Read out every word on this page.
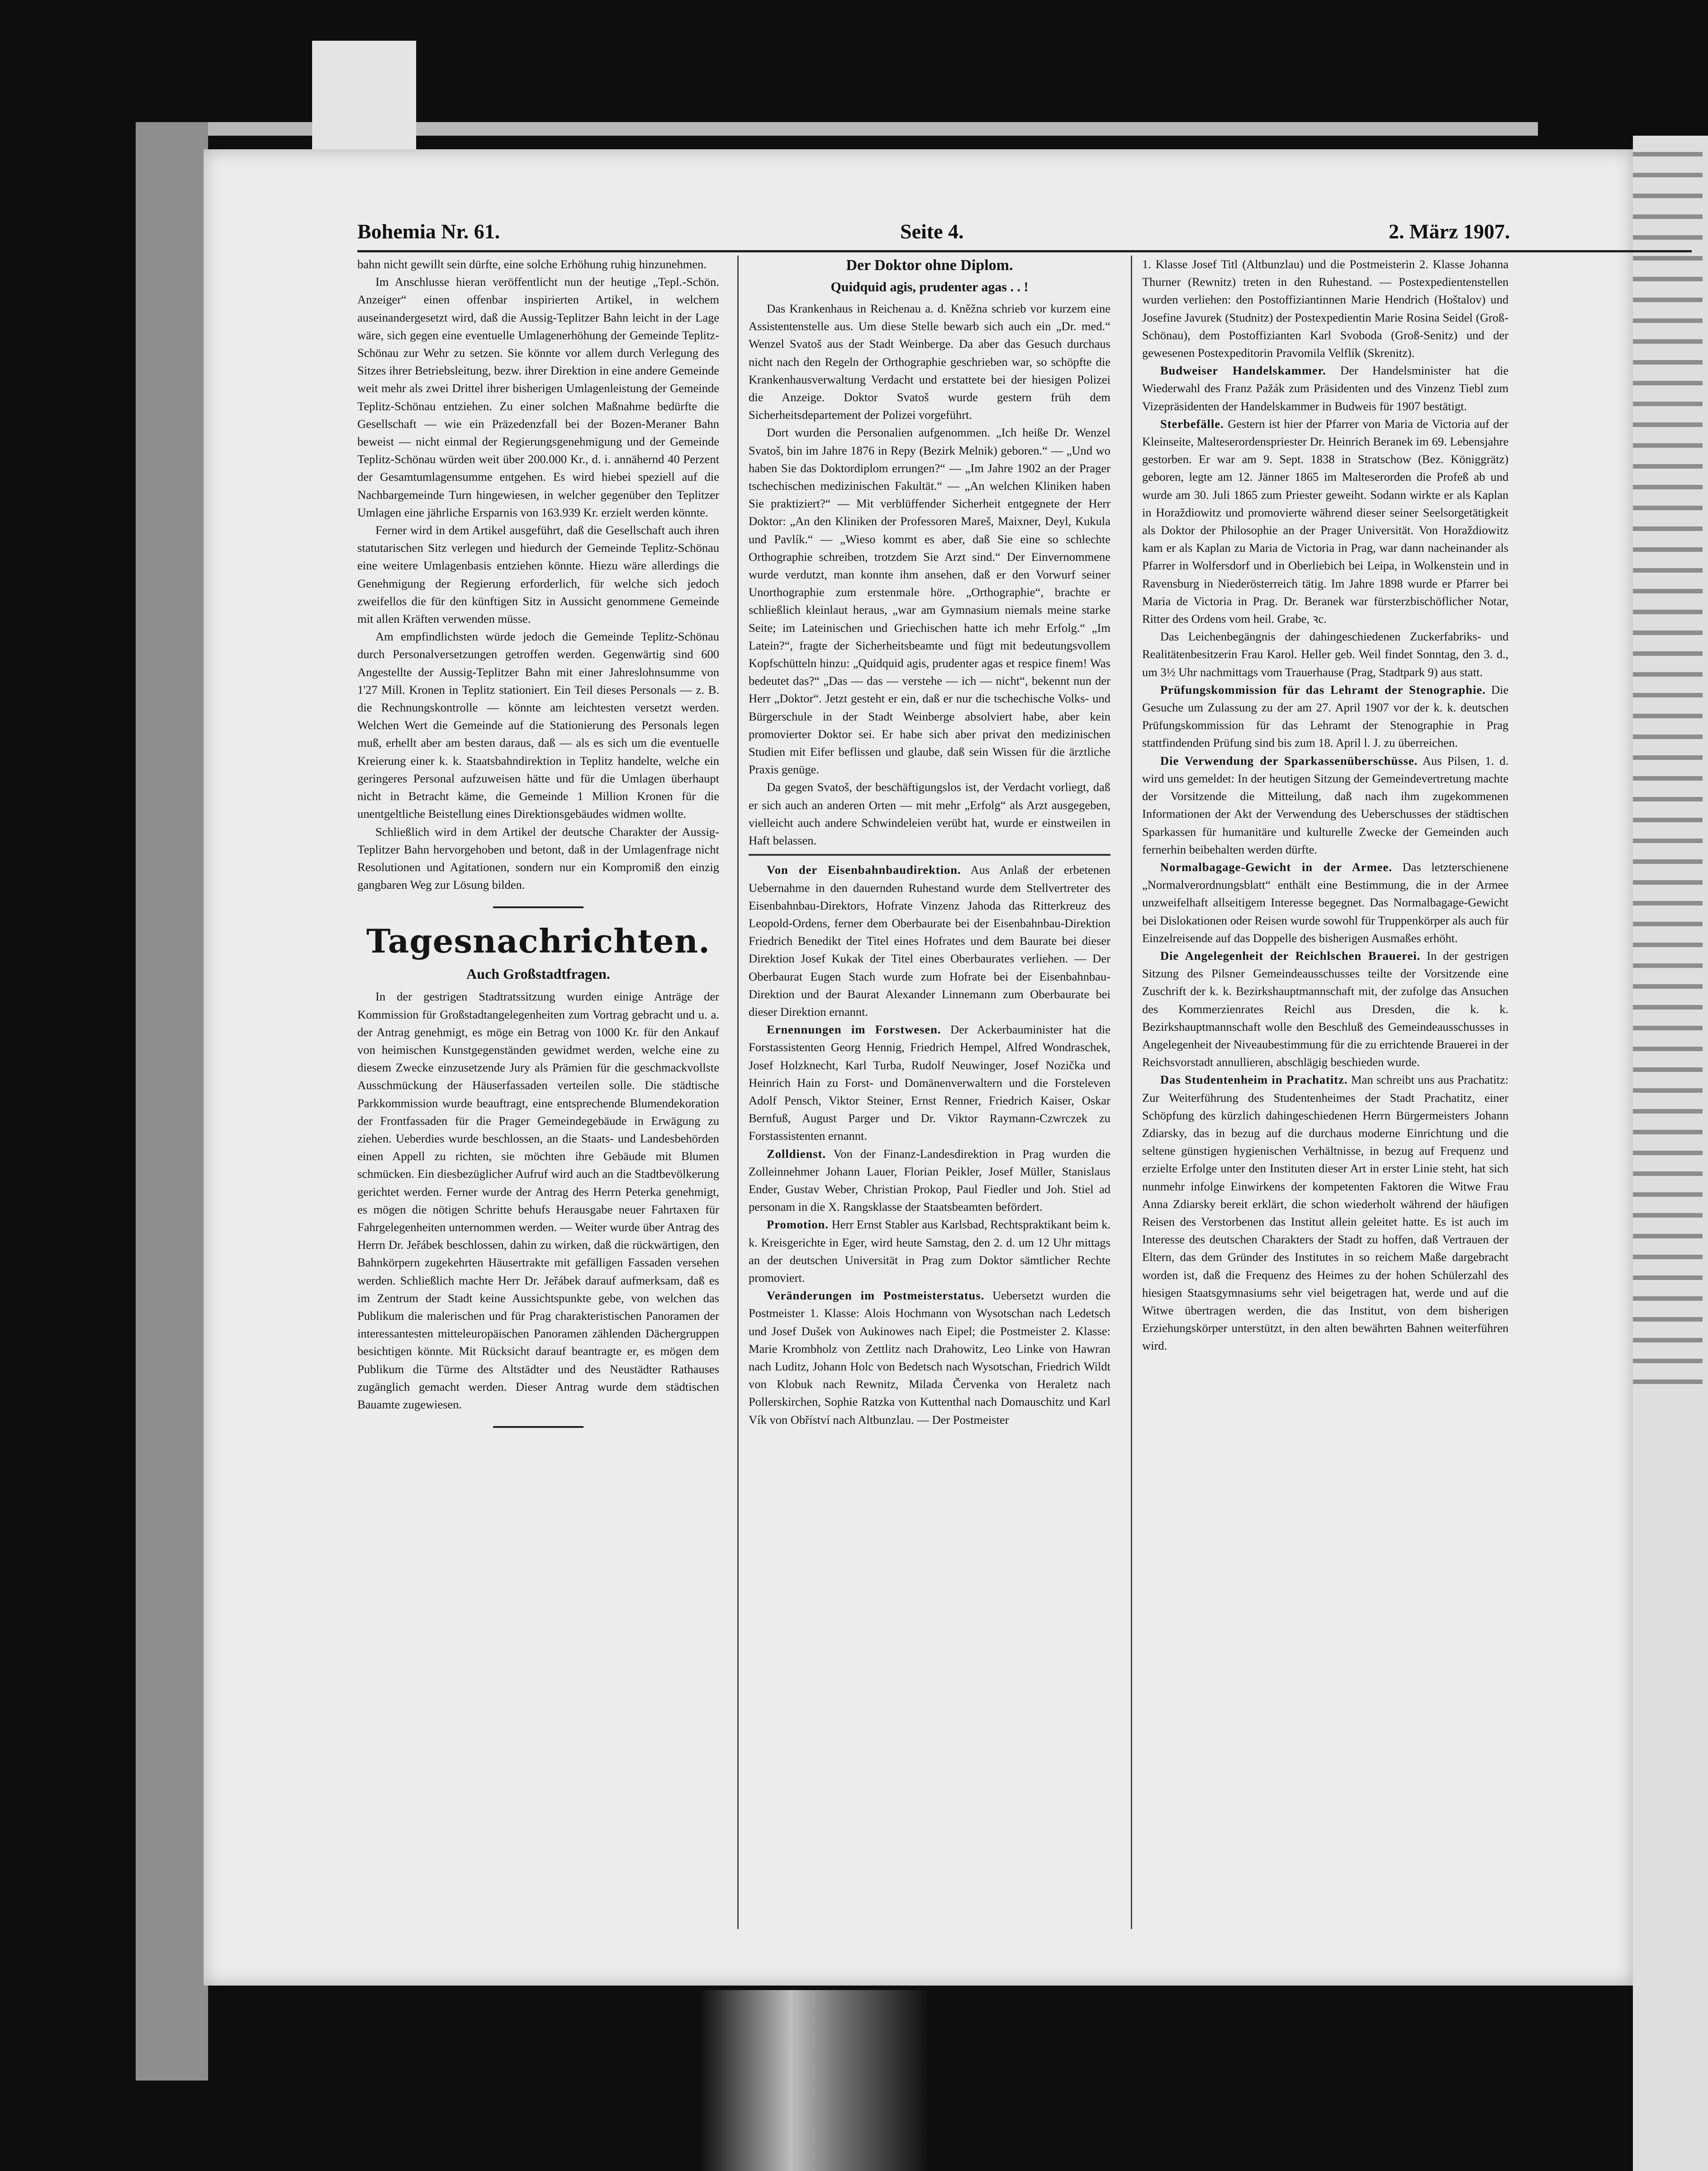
Bohemia Nr. 61.	Seite 4.	2. März 1907.

bahn nicht gewillt sein dürfte, eine solche Erhöhung ruhig hinzunehmen.

Im Anschlusse hieran veröffentlicht nun der heutige „Tepl.-Schön. Anzeiger“ einen offenbar inspirierten Artikel, in welchem auseinandergesetzt wird, daß die Aussig-Teplitzer Bahn leicht in der Lage wäre, sich gegen eine eventuelle Umlagenerhöhung der Gemeinde Teplitz-Schönau zur Wehr zu setzen. Sie könnte vor allem durch Verlegung des Sitzes ihrer Betriebsleitung, bezw. ihrer Direktion in eine andere Gemeinde weit mehr als zwei Drittel ihrer bisherigen Umlagenleistung der Gemeinde Teplitz-Schönau entziehen. Zu einer solchen Maßnahme bedürfte die Gesellschaft — wie ein Präzedenzfall bei der Bozen-Meraner Bahn beweist — nicht einmal der Regierungsgenehmigung und der Gemeinde Teplitz-Schönau würden weit über 200.000 Kr., d. i. annähernd 40 Perzent der Gesamtumlagensumme entgehen. Es wird hiebei speziell auf die Nachbargemeinde Turn hingewiesen, in welcher gegenüber den Teplitzer Umlagen eine jährliche Ersparnis von 163.939 Kr. erzielt werden könnte.

Ferner wird in dem Artikel ausgeführt, daß die Gesellschaft auch ihren statutarischen Sitz verlegen und hiedurch der Gemeinde Teplitz-Schönau eine weitere Umlagenbasis entziehen könnte. Hiezu wäre allerdings die Genehmigung der Regierung erforderlich, für welche sich jedoch zweifellos die für den künftigen Sitz in Aussicht genommene Gemeinde mit allen Kräften verwenden müsse.

Am empfindlichsten würde jedoch die Gemeinde Teplitz-Schönau durch Personalversetzungen getroffen werden. Gegenwärtig sind 600 Angestellte der Aussig-Teplitzer Bahn mit einer Jahreslohnsumme von 1'27 Mill. Kronen in Teplitz stationiert. Ein Teil dieses Personals — z. B. die Rechnungskontrolle — könnte am leichtesten versetzt werden. Welchen Wert die Gemeinde auf die Stationierung des Personals legen muß, erhellt aber am besten daraus, daß — als es sich um die eventuelle Kreierung einer k. k. Staatsbahndirektion in Teplitz handelte, welche ein geringeres Personal aufzuweisen hätte und für die Umlagen überhaupt nicht in Betracht käme, die Gemeinde 1 Million Kronen für die unentgeltliche Beistellung eines Direktionsgebäudes widmen wollte.

Schließlich wird in dem Artikel der deutsche Charakter der Aussig-Teplitzer Bahn hervorgehoben und betont, daß in der Umlagenfrage nicht Resolutionen und Agitationen, sondern nur ein Kompromiß den einzig gangbaren Weg zur Lösung bilden.

Tagesnachrichten.
Auch Großstadtfragen.

In der gestrigen Stadtratssitzung wurden einige Anträge der Kommission für Großstadtangelegenheiten zum Vortrag gebracht und u. a. der Antrag genehmigt, es möge ein Betrag von 1000 Kr. für den Ankauf von heimischen Kunstgegenständen gewidmet werden, welche eine zu diesem Zwecke einzusetzende Jury als Prämien für die geschmackvollste Ausschmückung der Häuserfassaden verteilen solle. Die städtische Parkkommission wurde beauftragt, eine entsprechende Blumendekoration der Frontfassaden für die Prager Gemeindegebäude in Erwägung zu ziehen. Ueberdies wurde beschlossen, an die Staats- und Landesbehörden einen Appell zu richten, sie möchten ihre Gebäude mit Blumen schmücken. Ein diesbezüglicher Aufruf wird auch an die Stadtbevölkerung gerichtet werden. Ferner wurde der Antrag des Herrn Peterka genehmigt, es mögen die nötigen Schritte behufs Herausgabe neuer Fahrtaxen für Fahrgelegenheiten unternommen werden. — Weiter wurde über Antrag des Herrn Dr. Jeřábek beschlossen, dahin zu wirken, daß die rückwärtigen, den Bahnkörpern zugekehrten Häusertrakte mit gefälligen Fassaden versehen werden. Schließlich machte Herr Dr. Jeřábek darauf aufmerksam, daß es im Zentrum der Stadt keine Aussichtspunkte gebe, von welchen das Publikum die malerischen und für Prag charakteristischen Panoramen der interessantesten mitteleuropäischen Panoramen zählenden Dächergruppen besichtigen könnte. Mit Rücksicht darauf beantragte er, es mögen dem Publikum die Türme des Altstädter und des Neustädter Rathauses zugänglich gemacht werden. Dieser Antrag wurde dem städtischen Bauamte zugewiesen.

Der Doktor ohne Diplom.
Quidquid agis, prudenter agas . . !

Das Krankenhaus in Reichenau a. d. Kněžna schrieb vor kurzem eine Assistentenstelle aus. Um diese Stelle bewarb sich auch ein „Dr. med.“ Wenzel Svatoš aus der Stadt Weinberge. Da aber das Gesuch durchaus nicht nach den Regeln der Orthographie geschrieben war, so schöpfte die Krankenhausverwaltung Verdacht und erstattete bei der hiesigen Polizei die Anzeige. Doktor Svatoš wurde gestern früh dem Sicherheitsdepartement der Polizei vorgeführt.

Dort wurden die Personalien aufgenommen. „Ich heiße Dr. Wenzel Svatoš, bin im Jahre 1876 in Repy (Bezirk Melnik) geboren.“ — „Und wo haben Sie das Doktordiplom errungen?“ — „Im Jahre 1902 an der Prager tschechischen medizinischen Fakultät.“ — „An welchen Kliniken haben Sie praktiziert?“ — Mit verblüffender Sicherheit entgegnete der Herr Doktor: „An den Kliniken der Professoren Mareš, Maixner, Deyl, Kukula und Pavlík.“ — „Wieso kommt es aber, daß Sie eine so schlechte Orthographie schreiben, trotzdem Sie Arzt sind.“ Der Einvernommene wurde verdutzt, man konnte ihm ansehen, daß er den Vorwurf seiner Unorthographie zum erstenmale höre. „Orthographie“, brachte er schließlich kleinlaut heraus, „war am Gymnasium niemals meine starke Seite; im Lateinischen und Griechischen hatte ich mehr Erfolg.“ „Im Latein?“, fragte der Sicherheitsbeamte und fügt mit bedeutungsvollem Kopfschütteln hinzu: „Quidquid agis, prudenter agas et respice finem! Was bedeutet das?“ „Das — das — verstehe — ich — nicht“, bekennt nun der Herr „Doktor“. Jetzt gesteht er ein, daß er nur die tschechische Volks- und Bürgerschule in der Stadt Weinberge absolviert habe, aber kein promovierter Doktor sei. Er habe sich aber privat den medizinischen Studien mit Eifer beflissen und glaube, daß sein Wissen für die ärztliche Praxis genüge.

Da gegen Svatoš, der beschäftigungslos ist, der Verdacht vorliegt, daß er sich auch an anderen Orten — mit mehr „Erfolg“ als Arzt ausgegeben, vielleicht auch andere Schwindeleien verübt hat, wurde er einstweilen in Haft belassen.

Von der Eisenbahnbaudirektion. Aus Anlaß der erbetenen Uebernahme in den dauernden Ruhestand wurde dem Stellvertreter des Eisenbahnbau-Direktors, Hofrate Vinzenz Jahoda das Ritterkreuz des Leopold-Ordens, ferner dem Oberbaurate bei der Eisenbahnbau-Direktion Friedrich Benedikt der Titel eines Hofrates und dem Baurate bei dieser Direktion Josef Kukak der Titel eines Oberbaurates verliehen. — Der Oberbaurat Eugen Stach wurde zum Hofrate bei der Eisenbahnbau-Direktion und der Baurat Alexander Linnemann zum Oberbaurate bei dieser Direktion ernannt.

Ernennungen im Forstwesen. Der Ackerbauminister hat die Forstassistenten Georg Hennig, Friedrich Hempel, Alfred Wondraschek, Josef Holzknecht, Karl Turba, Rudolf Neuwinger, Josef Nozička und Heinrich Hain zu Forst- und Domänenverwaltern und die Forsteleven Adolf Pensch, Viktor Steiner, Ernst Renner, Friedrich Kaiser, Oskar Bernfuß, August Parger und Dr. Viktor Raymann-Czwrczek zu Forstassistenten ernannt.

Zolldienst. Von der Finanz-Landesdirektion in Prag wurden die Zolleinnehmer Johann Lauer, Florian Peikler, Josef Müller, Stanislaus Ender, Gustav Weber, Christian Prokop, Paul Fiedler und Joh. Stiel ad personam in die X. Rangsklasse der Staatsbeamten befördert.

Promotion. Herr Ernst Stabler aus Karlsbad, Rechtspraktikant beim k. k. Kreisgerichte in Eger, wird heute Samstag, den 2. d. um 12 Uhr mittags an der deutschen Universität in Prag zum Doktor sämtlicher Rechte promoviert.

Veränderungen im Postmeisterstatus. Uebersetzt wurden die Postmeister 1. Klasse: Alois Hochmann von Wysotschan nach Ledetsch und Josef Dušek von Aukinowes nach Eipel; die Postmeister 2. Klasse: Marie Krombholz von Zettlitz nach Drahowitz, Leo Linke von Hawran nach Luditz, Johann Holc von Bedetsch nach Wysotschan, Friedrich Wildt von Klobuk nach Rewnitz, Milada Červenka von Heraletz nach Pollerskirchen, Sophie Ratzka von Kuttenthal nach Domauschitz und Karl Vík von Obříství nach Altbunzlau. — Der Postmeister

1. Klasse Josef Titl (Altbunzlau) und die Postmeisterin 2. Klasse Johanna Thurner (Rewnitz) treten in den Ruhestand. — Postexpedientenstellen wurden verliehen: den Postoffiziantinnen Marie Hendrich (Hoštalov) und Josefine Javurek (Studnitz) der Postexpedientin Marie Rosina Seidel (Groß-Schönau), dem Postoffizianten Karl Svoboda (Groß-Senitz) und der gewesenen Postexpeditorin Pravomila Velflík (Skrenitz).

Budweiser Handelskammer. Der Handelsminister hat die Wiederwahl des Franz Pažák zum Präsidenten und des Vinzenz Tiebl zum Vizepräsidenten der Handelskammer in Budweis für 1907 bestätigt.

Sterbefälle. Gestern ist hier der Pfarrer von Maria de Victoria auf der Kleinseite, Malteserordenspriester Dr. Heinrich Beranek im 69. Lebensjahre gestorben. Er war am 9. Sept. 1838 in Stratschow (Bez. Königgrätz) geboren, legte am 12. Jänner 1865 im Malteserorden die Profeß ab und wurde am 30. Juli 1865 zum Priester geweiht. Sodann wirkte er als Kaplan in Horaždiowitz und promovierte während dieser seiner Seelsorgetätigkeit als Doktor der Philosophie an der Prager Universität. Von Horaždiowitz kam er als Kaplan zu Maria de Victoria in Prag, war dann nacheinander als Pfarrer in Wolfersdorf und in Oberliebich bei Leipa, in Wolkenstein und in Ravensburg in Niederösterreich tätig. Im Jahre 1898 wurde er Pfarrer bei Maria de Victoria in Prag. Dr. Beranek war fürsterzbischöflicher Notar, Ritter des Ordens vom heil. Grabe, ꝛc.

Das Leichenbegängnis der dahingeschiedenen Zuckerfabriks- und Realitätenbesitzerin Frau Karol. Heller geb. Weil findet Sonntag, den 3. d., um 3½ Uhr nachmittags vom Trauerhause (Prag, Stadtpark 9) aus statt.

Prüfungskommission für das Lehramt der Stenographie. Die Gesuche um Zulassung zu der am 27. April 1907 vor der k. k. deutschen Prüfungskommission für das Lehramt der Stenographie in Prag stattfindenden Prüfung sind bis zum 18. April l. J. zu überreichen.

Die Verwendung der Sparkassenüberschüsse. Aus Pilsen, 1. d. wird uns gemeldet: In der heutigen Sitzung der Gemeindevertretung machte der Vorsitzende die Mitteilung, daß nach ihm zugekommenen Informationen der Akt der Verwendung des Ueberschusses der städtischen Sparkassen für humanitäre und kulturelle Zwecke der Gemeinden auch fernerhin beibehalten werden dürfte.

Normalbagage-Gewicht in der Armee. Das letzterschienene „Normalverordnungsblatt“ enthält eine Bestimmung, die in der Armee unzweifelhaft allseitigem Interesse begegnet. Das Normalbagage-Gewicht bei Dislokationen oder Reisen wurde sowohl für Truppenkörper als auch für Einzelreisende auf das Doppelle des bisherigen Ausmaßes erhöht.

Die Angelegenheit der Reichlschen Brauerei. In der gestrigen Sitzung des Pilsner Gemeindeausschusses teilte der Vorsitzende eine Zuschrift der k. k. Bezirkshauptmannschaft mit, der zufolge das Ansuchen des Kommerzienrates Reichl aus Dresden, die k. k. Bezirkshauptmannschaft wolle den Beschluß des Gemeindeausschusses in Angelegenheit der Niveaubestimmung für die zu errichtende Brauerei in der Reichsvorstadt annullieren, abschlägig beschieden wurde.

Das Studentenheim in Prachatitz. Man schreibt uns aus Prachatitz: Zur Weiterführung des Studentenheimes der Stadt Prachatitz, einer Schöpfung des kürzlich dahingeschiedenen Herrn Bürgermeisters Johann Zdiarsky, das in bezug auf die durchaus moderne Einrichtung und die seltene günstigen hygienischen Verhältnisse, in bezug auf Frequenz und erzielte Erfolge unter den Instituten dieser Art in erster Linie steht, hat sich nunmehr infolge Einwirkens der kompetenten Faktoren die Witwe Frau Anna Zdiarsky bereit erklärt, die schon wiederholt während der häufigen Reisen des Verstorbenen das Institut allein geleitet hatte. Es ist auch im Interesse des deutschen Charakters der Stadt zu hoffen, daß Vertrauen der Eltern, das dem Gründer des Institutes in so reichem Maße dargebracht worden ist, daß die Frequenz des Heimes zu der hohen Schülerzahl des hiesigen Staatsgymnasiums sehr viel beigetragen hat, werde und auf die Witwe übertragen werden, die das Institut, von dem bisherigen Erziehungskörper unterstützt, in den alten bewährten Bahnen weiterführen wird.
